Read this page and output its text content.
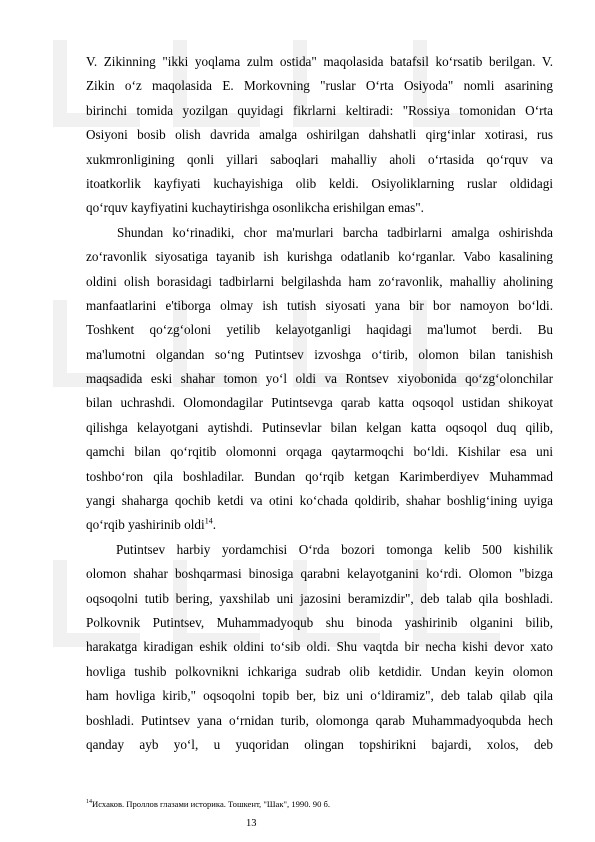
V. Zikinning "ikki yoqlama zulm ostida" maqolasida batafsil ko‘rsatib berilgan. V.
Zikin o‘z maqolasida E. Morkovning "ruslar O‘rta Osiyoda" nomli asarining
birinchi tomida yozilgan quyidagi fikrlarni keltiradi: "Rossiya tomonidan O‘rta
Osiyoni bosib olish davrida amalga oshirilgan dahshatli qirg‘inlar xotirasi, rus
xukmronligining qonli yillari saboqlari mahalliy aholi o‘rtasida qo‘rquv va
itoatkorlik kayfiyati kuchayishiga olib keldi. Osiyoliklarning ruslar oldidagi
qo‘rquv kayfiyatini kuchaytirishga osonlikcha erishilgan emas".
Shundan ko‘rinadiki, chor ma'murlari barcha tadbirlarni amalga oshirishda
zo‘ravonlik siyosatiga tayanib ish kurishga odatlanib ko‘rganlar. Vabo kasalining
oldini olish borasidagi tadbirlarni belgilashda ham zo‘ravonlik, mahalliy aholining
manfaatlarini e'tiborga olmay ish tutish siyosati yana bir bor namoyon bo‘ldi.
Toshkent qo‘zg‘oloni yetilib kelayotganligi haqidagi ma'lumot berdi. Bu
ma'lumotni olgandan so‘ng Putintsev izvoshga o‘tirib, olomon bilan tanishish
maqsadida eski shahar tomon yo‘l oldi va Rontsev xiyobonida qo‘zg‘olonchilar
bilan uchrashdi. Olomondagilar Putintsevga qarab katta oqsoqol ustidan shikoyat
qilishga kelayotgani aytishdi. Putinsevlar bilan kelgan katta oqsoqol duq qilib,
qamchi bilan qo‘rqitib olomonni orqaga qaytarmoqchi bo‘ldi. Kishilar esa uni
toshbo‘ron qila boshladilar. Bundan qo‘rqib ketgan Karimberdiyev Muhammad
yangi shaharga qochib ketdi va otini ko‘chada qoldirib, shahar boshlig‘ining uyiga
qo‘rqib yashirinib oldi$^{14}$.
Putintsev harbiy yordamchisi O‘rda bozori tomonga kelib 500 kishilik
olomon shahar boshqarmasi binosiga qarabni kelayotganini ko‘rdi. Olomon "bizga
oqsoqolni tutib bering, yaxshilab uni jazosini beramizdir", deb talab qila boshladi.
Polkovnik Putintsev, Muhammadyoqub shu binoda yashirinib olganini bilib,
harakatga kiradigan eshik oldini to‘sib oldi. Shu vaqtda bir necha kishi devor xato
hovliga tushib polkovnikni ichkariga sudrab olib ketdidir. Undan keyin olomon
ham hovliga kirib," oqsoqolni topib ber, biz uni o‘ldiramiz", deb talab qilab qila
boshladi. Putintsev yana o‘rnidan turib, olomonga qarab Muhammadyoqubda hech
qanday ayb yo‘l, u yuqoridan olingan topshirikni bajardi, xolos, deb
$^{14}$Исхаков. Проллов глазами историка. Тошкент, "Шак", 1990. 90 б.
13
